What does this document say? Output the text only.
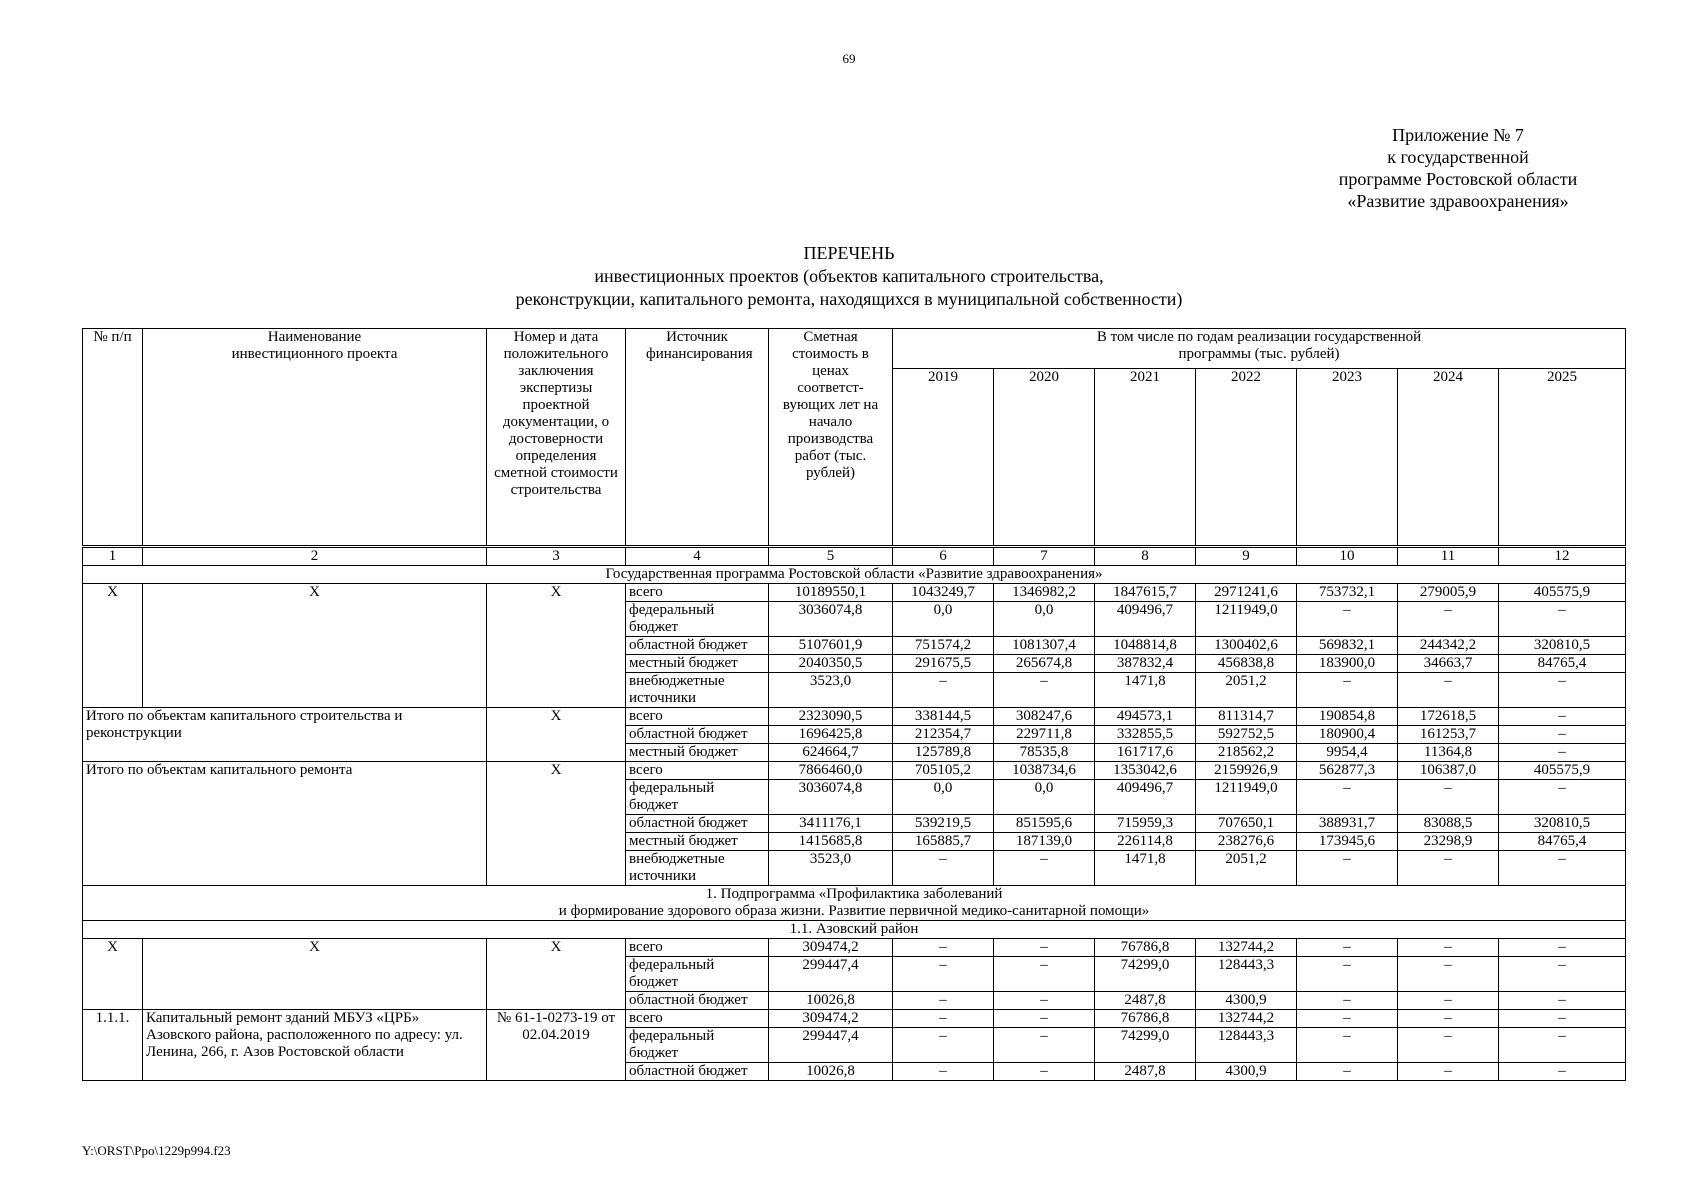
69
Приложение № 7
к государственной
программе Ростовской области
«Развитие здравоохранения»
ПЕРЕЧЕНЬ
инвестиционных проектов (объектов капитального строительства,
реконструкции, капитального ремонта, находящихся в муниципальной собственности)
№ п/п	Наименование инвестиционного проекта	Номер и дата положительного заключения экспертизы проектной документации, о достоверности определения сметной стоимости строительства	Источник финансирования	Сметная стоимость в ценах соответст-вующих лет на начало производства работ (тыс. рублей)	В том числе по годам реализации государственной программы (тыс. рублей)						
					2019	2020	2021	2022	2023	2024	2025
1	2	3	4	5	6	7	8	9	10	11	12
Государственная программа Ростовской области «Развитие здравоохранения»											
Х	Х	Х	всего	10189550,1	1043249,7	1346982,2	1847615,7	2971241,6	753732,1	279005,9	405575,9
			федеральный бюджет	3036074,8	0,0	0,0	409496,7	1211949,0	–	–	–
			областной бюджет	5107601,9	751574,2	1081307,4	1048814,8	1300402,6	569832,1	244342,2	320810,5
			местный бюджет	2040350,5	291675,5	265674,8	387832,4	456838,8	183900,0	34663,7	84765,4
			внебюджетные источники	3523,0	–	–	1471,8	2051,2	–	–	–
Итого по объектам капитального строительства и реконструкции		Х	всего	2323090,5	338144,5	308247,6	494573,1	811314,7	190854,8	172618,5	–
			областной бюджет	1696425,8	212354,7	229711,8	332855,5	592752,5	180900,4	161253,7	–
			местный бюджет	624664,7	125789,8	78535,8	161717,6	218562,2	9954,4	11364,8	–
Итого по объектам капитального ремонта		Х	всего	7866460,0	705105,2	1038734,6	1353042,6	2159926,9	562877,3	106387,0	405575,9
			федеральный бюджет	3036074,8	0,0	0,0	409496,7	1211949,0	–	–	–
			областной бюджет	3411176,1	539219,5	851595,6	715959,3	707650,1	388931,7	83088,5	320810,5
			местный бюджет	1415685,8	165885,7	187139,0	226114,8	238276,6	173945,6	23298,9	84765,4
			внебюджетные источники	3523,0	–	–	1471,8	2051,2	–	–	–

1. Подпрограмма «Профилактика заболеваний
и формирование здорового образа жизни. Развитие первичной медико-санитарной помощи»											

1.1. Азовский район											

Х	Х	Х	всего	309474,2	–	–	76786,8	132744,2	–	–	–
			федеральный бюджет	299447,4	–	–	74299,0	128443,3	–	–	–
			областной бюджет	10026,8	–	–	2487,8	4300,9	–	–	–
1.1.1.	Капитальный ремонт зданий МБУЗ «ЦРБ» Азовского района, расположенного по адресу: ул. Ленина, 266, г. Азов Ростовской области	№ 61-1-0273-19 от 02.04.2019	всего	309474,2	–	–	76786,8	132744,2	–	–	–
			федеральный бюджет	299447,4	–	–	74299,0	128443,3	–	–	–
			областной бюджет	10026,8	–	–	2487,8	4300,9	–	–	–
Y:\ORST\Ppo\1229p994.f23
